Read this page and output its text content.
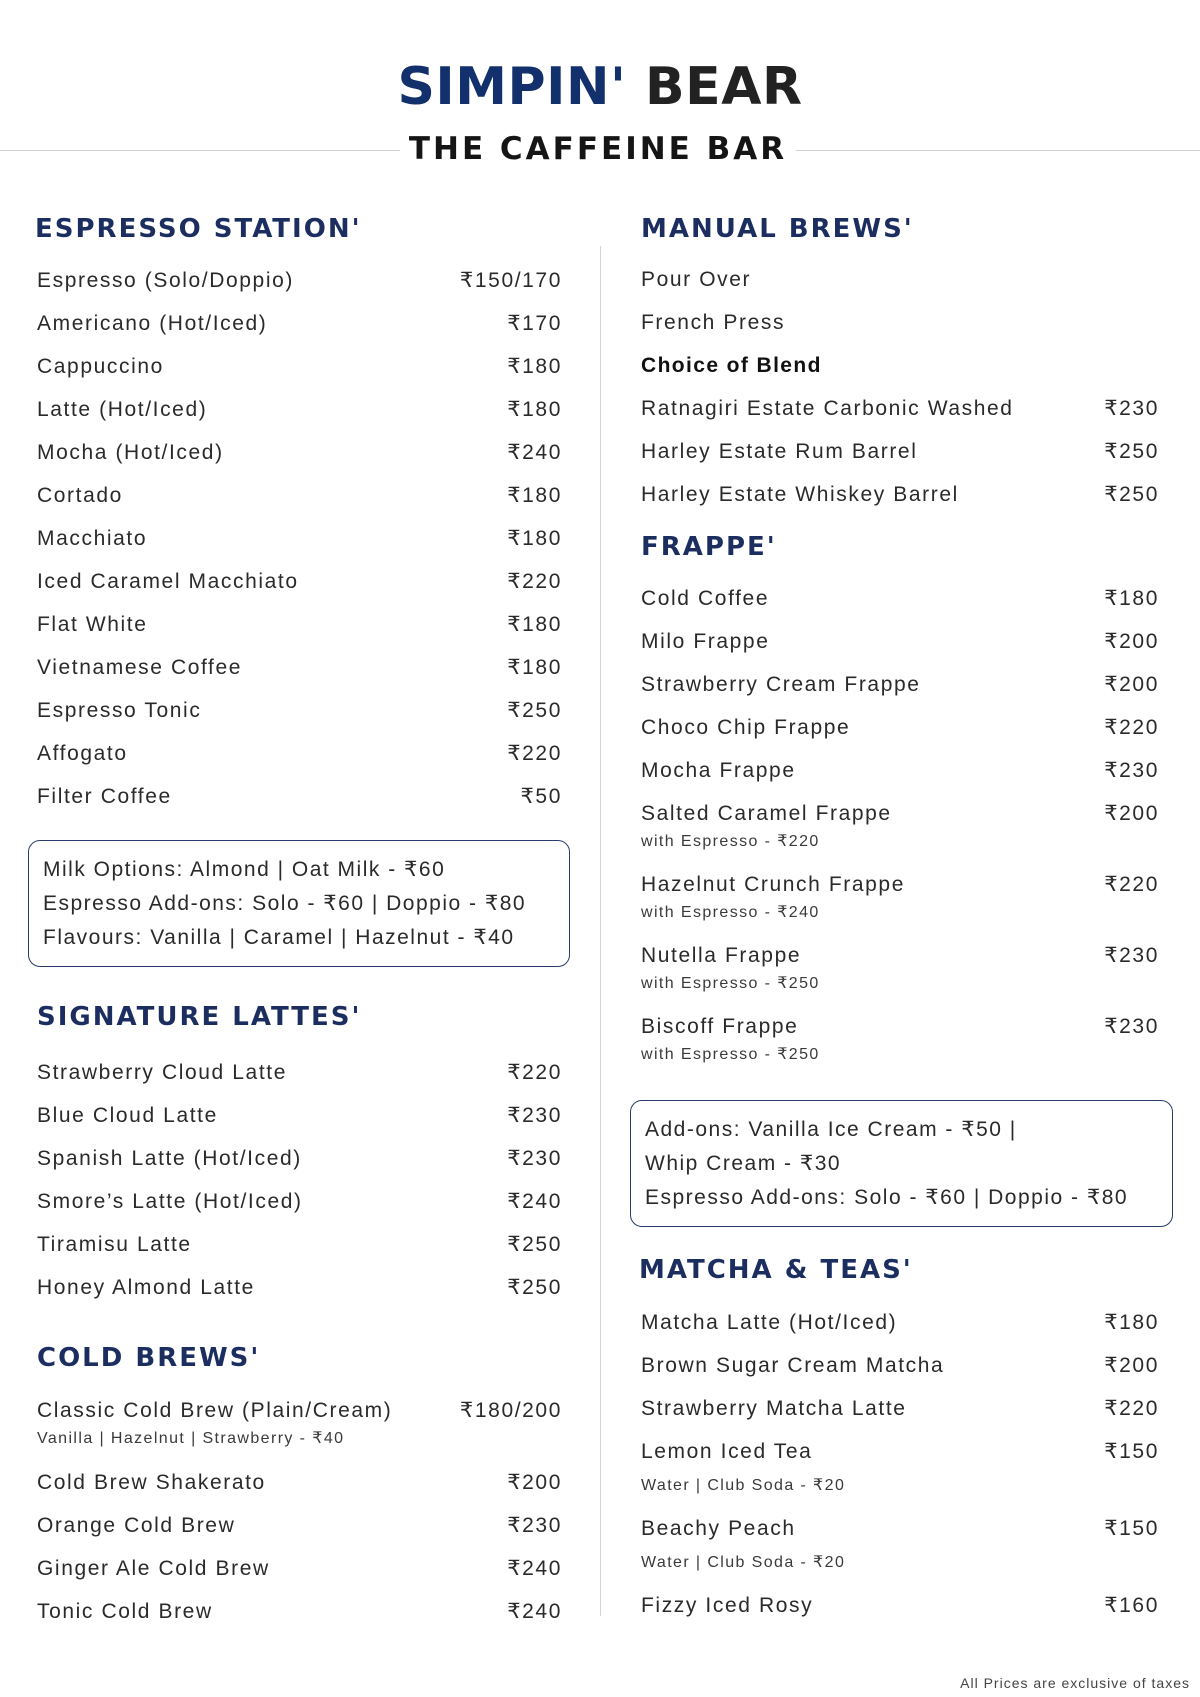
SIMPIN' BEAR
THE CAFFEINE BAR
ESPRESSO STATION'
Espresso (Solo/Doppio)	₹150/170
Americano (Hot/Iced)	₹170
Cappuccino	₹180
Latte (Hot/Iced)	₹180
Mocha (Hot/Iced)	₹240
Cortado	₹180
Macchiato	₹180
Iced Caramel Macchiato	₹220
Flat White	₹180
Vietnamese Coffee	₹180
Espresso Tonic	₹250
Affogato	₹220
Filter Coffee	₹50
Milk Options: Almond | Oat Milk - ₹60
Espresso Add-ons: Solo - ₹60 | Doppio - ₹80
Flavours: Vanilla | Caramel | Hazelnut - ₹40
SIGNATURE LATTES'
Strawberry Cloud Latte	₹220
Blue Cloud Latte	₹230
Spanish Latte (Hot/Iced)	₹230
Smore’s Latte (Hot/Iced)	₹240
Tiramisu Latte	₹250
Honey Almond Latte	₹250
COLD BREWS'
Classic Cold Brew (Plain/Cream)	₹180/200
Vanilla | Hazelnut | Strawberry - ₹40
Cold Brew Shakerato	₹200
Orange Cold Brew	₹230
Ginger Ale Cold Brew	₹240
Tonic Cold Brew	₹240
MANUAL BREWS'
Pour Over
French Press
Choice of Blend
Ratnagiri Estate Carbonic Washed	₹230
Harley Estate Rum Barrel	₹250
Harley Estate Whiskey Barrel	₹250
FRAPPE'
Cold Coffee	₹180
Milo Frappe	₹200
Strawberry Cream Frappe	₹200
Choco Chip Frappe	₹220
Mocha Frappe	₹230
Salted Caramel Frappe	₹200
with Espresso - ₹220
Hazelnut Crunch Frappe	₹220
with Espresso - ₹240
Nutella Frappe	₹230
with Espresso - ₹250
Biscoff Frappe	₹230
with Espresso - ₹250
Add-ons: Vanilla Ice Cream - ₹50 |
Whip Cream - ₹30
Espresso Add-ons: Solo - ₹60 | Doppio - ₹80
MATCHA & TEAS'
Matcha Latte (Hot/Iced)	₹180
Brown Sugar Cream Matcha	₹200
Strawberry Matcha Latte	₹220
Lemon Iced Tea	₹150
Water | Club Soda - ₹20
Beachy Peach	₹150
Water | Club Soda - ₹20
Fizzy Iced Rosy	₹160
All Prices are exclusive of taxes
